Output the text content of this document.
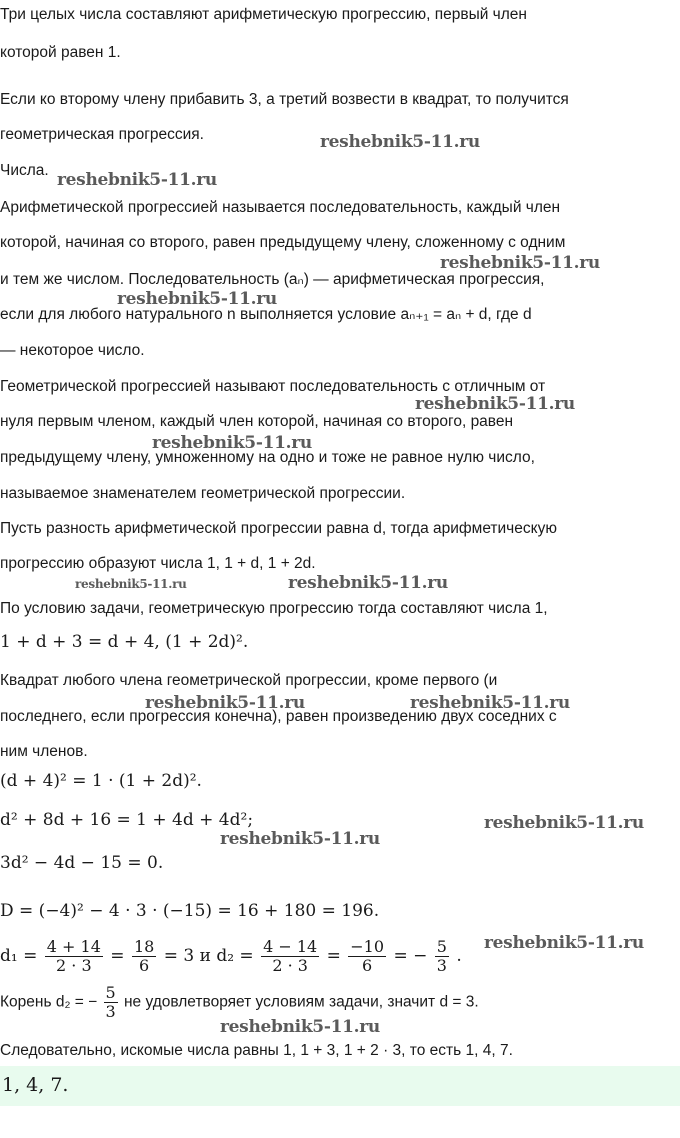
Три целых числа составляют арифметическую прогрессию, первый член

которой равен 1.

Если ко второму члену прибавить 3, а третий возвести в квадрат, то получится

геометрическая прогрессия.

Числа.

Арифметической прогрессией называется последовательность, каждый член

которой, начиная со второго, равен предыдущему члену, сложенному с одним

и тем же числом. Последовательность (aₙ) — арифметическая прогрессия,

если для любого натурального n выполняется условие aₙ₊₁ = aₙ + d, где d

— некоторое число.

Геометрической прогрессией называют последовательность с отличным от

нуля первым членом, каждый член которой, начиная со второго, равен

предыдущему члену, умноженному на одно и тоже не равное нулю число,

называемое знаменателем геометрической прогрессии.

Пусть разность арифметической прогрессии равна d, тогда арифметическую

прогрессию образуют числа 1, 1 + d, 1 + 2d.

По условию задачи, геометрическую прогрессию тогда составляют числа 1,

1 + d + 3 = d + 4, (1 + 2d)².

Квадрат любого члена геометрической прогрессии, кроме первого (и

последнего, если прогрессия конечна), равен произведению двух соседних с

ним членов.

(d + 4)² = 1 · (1 + 2d)².

d² + 8d + 16 = 1 + 4d + 4d²;

3d² − 4d − 15 = 0.

D = (−4)² − 4 · 3 · (−15) = 16 + 180 = 196.

$d_1 = \frac{4 + 14}{2 \cdot 3} = \frac{18}{6} = 3$ и $d_2 = \frac{4 - 14}{2 \cdot 3} = \frac{-10}{6}$ = − $\frac{5}{3}$ .
Корень d₂ = − $\frac{5}{3}$ не удовлетворяет условиям задачи, значит d = 3.

Следовательно, искомые числа равны 1, 1 + 3, 1 + 2 · 3, то есть 1, 4, 7.

1, 4, 7.
reshebnik5-11.ru
reshebnik5-11.ru
reshebnik5-11.ru
reshebnik5-11.ru
reshebnik5-11.ru
reshebnik5-11.ru
reshebnik5-11.ru	reshebnik5-11.ru
reshebnik5-11.ru	reshebnik5-11.ru
reshebnik5-11.ru
reshebnik5-11.ru
reshebnik5-11.ru
reshebnik5-11.ru
